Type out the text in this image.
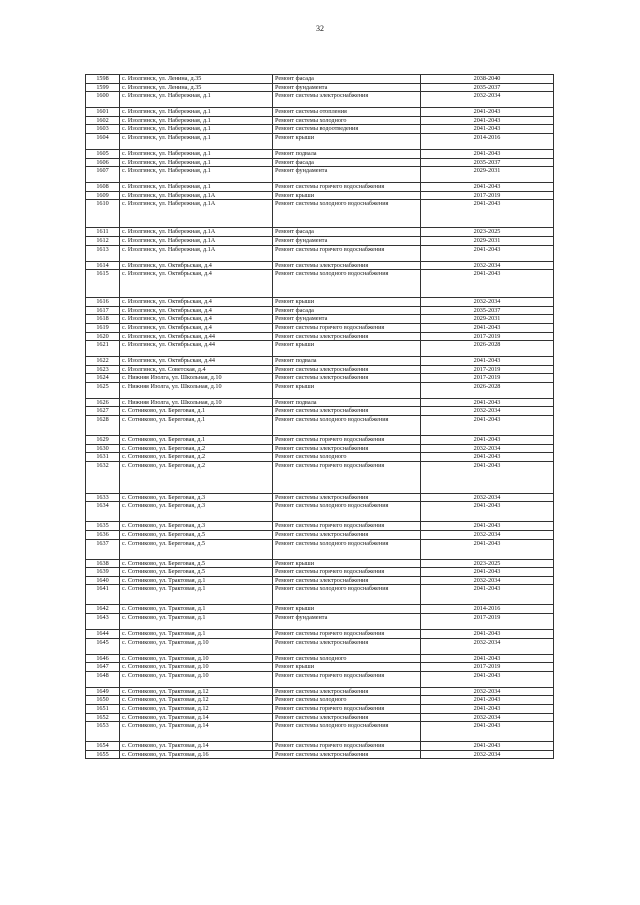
32
1598	с. Изолгинск, ул. Ленина, д.35	Ремонт фасада	2038-2040
1599	с. Изолгинск, ул. Ленина, д.35	Ремонт фундамента	2035-2037
1600	с. Изолгинск, ул. Набережная, д.1	Ремонт системы электроснабжения	2032-2034
1601	с. Изолгинск, ул. Набережная, д.1	Ремонт системы отопления	2041-2043
1602	с. Изолгинск, ул. Набережная, д.1	Ремонт системы холодного	2041-2043
1603	с. Изолгинск, ул. Набережная, д.1	Ремонт системы водоотведения	2041-2043
1604	с. Изолгинск, ул. Набережная, д.1	Ремонт крыши	2014-2016
1605	с. Изолгинск, ул. Набережная, д.1	Ремонт подвала	2041-2043
1606	с. Изолгинск, ул. Набережная, д.1	Ремонт фасада	2035-2037
1607	с. Изолгинск, ул. Набережная, д.1	Ремонт фундамента	2029-2031
1608	с. Изолгинск, ул. Набережная, д.1	Ремонт системы горячего водоснабжения	2041-2043
1609	с. Изолгинск, ул. Набережная, д.1А	Ремонт крыши	2017-2019
1610	с. Изолгинск, ул. Набережная, д.1А	Ремонт системы холодного водоснабжения	2041-2043
1611	с. Изолгинск, ул. Набережная, д.1А	Ремонт фасада	2023-2025
1612	с. Изолгинск, ул. Набережная, д.1А	Ремонт фундамента	2029-2031
1613	с. Изолгинск, ул. Набережная, д.1А	Ремонт системы горячего водоснабжения	2041-2043
1614	с. Изолгинск, ул. Октябрьская, д.4	Ремонт системы электроснабжения	2032-2034
1615	с. Изолгинск, ул. Октябрьская, д.4	Ремонт системы холодного водоснабжения	2041-2043
1616	с. Изолгинск, ул. Октябрьская, д.4	Ремонт крыши	2032-2034
1617	с. Изолгинск, ул. Октябрьская, д.4	Ремонт фасада	2035-2037
1618	с. Изолгинск, ул. Октябрьская, д.4	Ремонт фундамента	2029-2031
1619	с. Изолгинск, ул. Октябрьская, д.4	Ремонт системы горячего водоснабжения	2041-2043
1620	с. Изолгинск, ул. Октябрьская, д.44	Ремонт системы электроснабжения	2017-2019
1621	с. Изолгинск, ул. Октябрьская, д.44	Ремонт крыши	2026-2028
1622	с. Изолгинск, ул. Октябрьская, д.44	Ремонт подвала	2041-2043
1623	с. Изолгинск, ул. Советская, д.4	Ремонт системы электроснабжения	2017-2019
1624	с. Нижняя Изолга, ул. Школьная, д.10	Ремонт системы электроснабжения	2017-2019
1625	с. Нижняя Изолга, ул. Школьная, д.10	Ремонт крыши	2026-2028
1626	с. Нижняя Изолга, ул. Школьная, д.10	Ремонт подвала	2041-2043
1627	с. Сотниково, ул. Береговая, д.1	Ремонт системы электроснабжения	2032-2034
1628	с. Сотниково, ул. Береговая, д.1	Ремонт системы холодного водоснабжения	2041-2043
1629	с. Сотниково, ул. Береговая, д.1	Ремонт системы горячего водоснабжения	2041-2043
1630	с. Сотниково, ул. Береговая, д.2	Ремонт системы электроснабжения	2032-2034
1631	с. Сотниково, ул. Береговая, д.2	Ремонт системы холодного	2041-2043
1632	с. Сотниково, ул. Береговая, д.2	Ремонт системы горячего водоснабжения	2041-2043
1633	с. Сотниково, ул. Береговая, д.3	Ремонт системы электроснабжения	2032-2034
1634	с. Сотниково, ул. Береговая, д.3	Ремонт системы холодного водоснабжения	2041-2043
1635	с. Сотниково, ул. Береговая, д.3	Ремонт системы горячего водоснабжения	2041-2043
1636	с. Сотниково, ул. Береговая, д.5	Ремонт системы электроснабжения	2032-2034
1637	с. Сотниково, ул. Береговая, д.5	Ремонт системы холодного водоснабжения	2041-2043
1638	с. Сотниково, ул. Береговая, д.5	Ремонт крыши	2023-2025
1639	с. Сотниково, ул. Береговая, д.5	Ремонт системы горячего водоснабжения	2041-2043
1640	с. Сотниково, ул. Трактовая, д.1	Ремонт системы электроснабжения	2032-2034
1641	с. Сотниково, ул. Трактовая, д.1	Ремонт системы холодного водоснабжения	2041-2043
1642	с. Сотниково, ул. Трактовая, д.1	Ремонт крыши	2014-2016
1643	с. Сотниково, ул. Трактовая, д.1	Ремонт фундамента	2017-2019
1644	с. Сотниково, ул. Трактовая, д.1	Ремонт системы горячего водоснабжения	2041-2043
1645	с. Сотниково, ул. Трактовая, д.10	Ремонт системы электроснабжения	2032-2034
1646	с. Сотниково, ул. Трактовая, д.10	Ремонт системы холодного	2041-2043
1647	с. Сотниково, ул. Трактовая, д.10	Ремонт крыши	2017-2019
1648	с. Сотниково, ул. Трактовая, д.10	Ремонт системы горячего водоснабжения	2041-2043
1649	с. Сотниково, ул. Трактовая, д.12	Ремонт системы электроснабжения	2032-2034
1650	с. Сотниково, ул. Трактовая, д.12	Ремонт системы холодного	2041-2043
1651	с. Сотниково, ул. Трактовая, д.12	Ремонт системы горячего водоснабжения	2041-2043
1652	с. Сотниково, ул. Трактовая, д.14	Ремонт системы электроснабжения	2032-2034
1653	с. Сотниково, ул. Трактовая, д.14	Ремонт системы холодного водоснабжения	2041-2043
1654	с. Сотниково, ул. Трактовая, д.14	Ремонт системы горячего водоснабжения	2041-2043
1655	с. Сотниково, ул. Трактовая, д.16	Ремонт системы электроснабжения	2032-2034
